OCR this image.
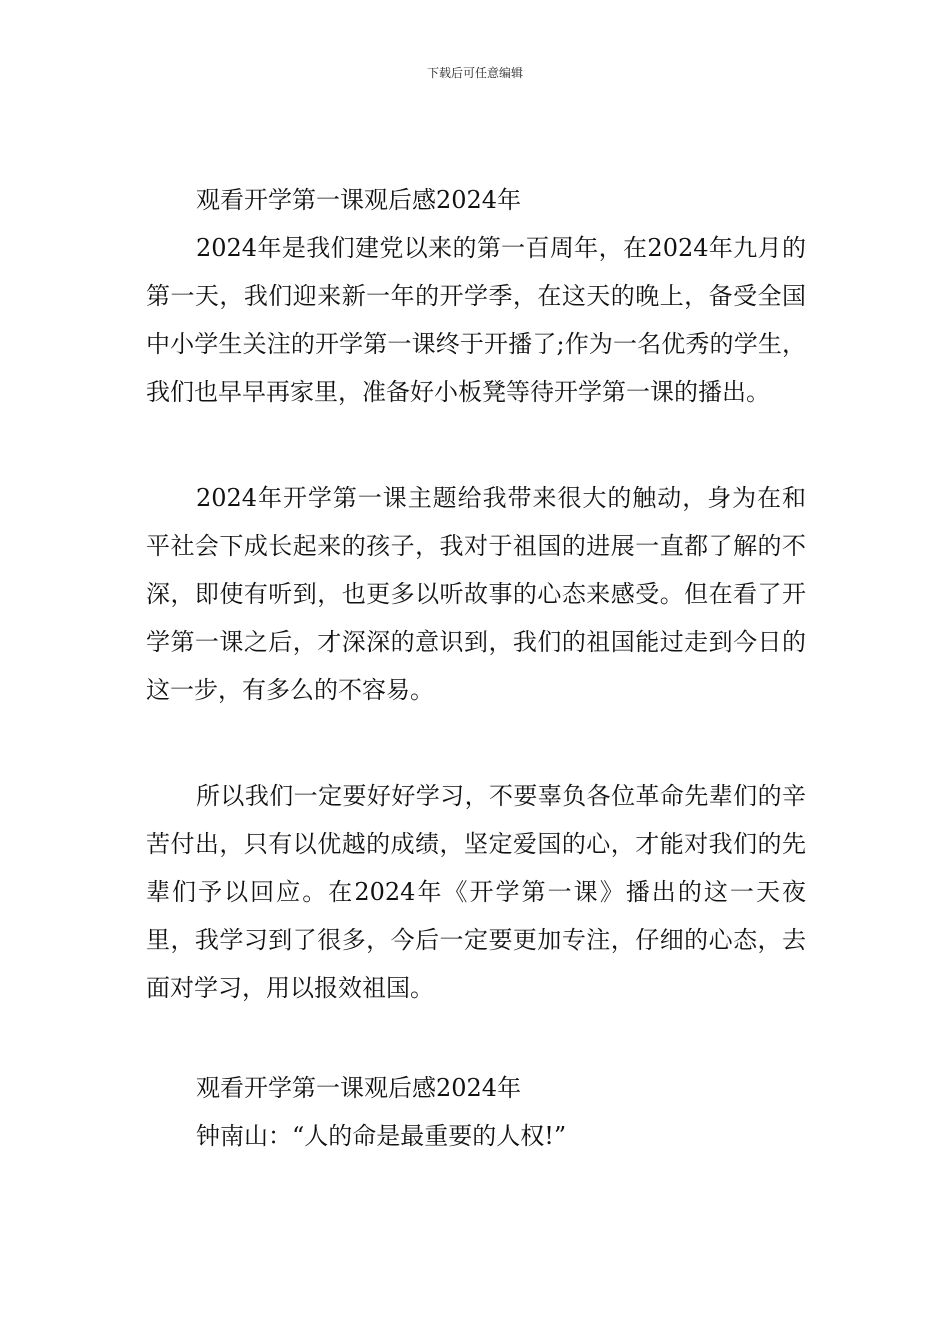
下载后可任意编辑
观看开学第一课观后感2024年

2024年是我们建党以来的第一百周年，在2024年九月的第一天，我们迎来新一年的开学季，在这天的晚上，备受全国中小学生关注的开学第一课终于开播了;作为一名优秀的学生，我们也早早再家里，准备好小板凳等待开学第一课的播出。

2024年开学第一课主题给我带来很大的触动，身为在和平社会下成长起来的孩子，我对于祖国的进展一直都了解的不深，即使有听到，也更多以听故事的心态来感受。但在看了开学第一课之后，才深深的意识到，我们的祖国能过走到今日的这一步，有多么的不容易。

所以我们一定要好好学习，不要辜负各位革命先辈们的辛苦付出，只有以优越的成绩，坚定爱国的心，才能对我们的先辈们予以回应。在2024年《开学第一课》播出的这一天夜里，我学习到了很多，今后一定要更加专注，仔细的心态，去面对学习，用以报效祖国。

观看开学第一课观后感2024年

钟南山：“人的命是最重要的人权!”
